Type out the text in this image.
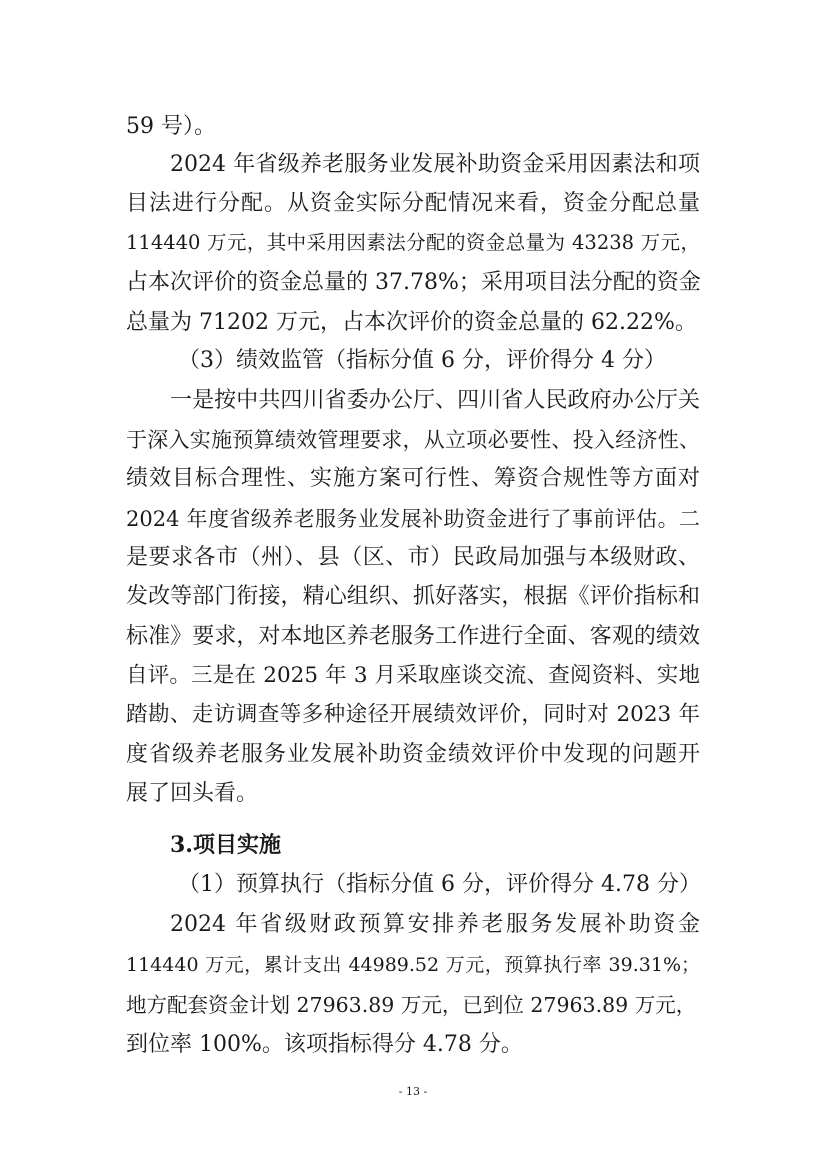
59 号）。
2024 年省级养老服务业发展补助资金采用因素法和项
目法进行分配。从资金实际分配情况来看，资金分配总量
114440 万元，其中采用因素法分配的资金总量为 43238 万元，
占本次评价的资金总量的 37.78%；采用项目法分配的资金
总量为 71202 万元，占本次评价的资金总量的 62.22%。
（3）绩效监管（指标分值 6 分，评价得分 4 分）
一是按中共四川省委办公厅、四川省人民政府办公厅关
于深入实施预算绩效管理要求，从立项必要性、投入经济性、
绩效目标合理性、实施方案可行性、筹资合规性等方面对
2024 年度省级养老服务业发展补助资金进行了事前评估。二
是要求各市（州）、县（区、市）民政局加强与本级财政、
发改等部门衔接，精心组织、抓好落实，根据《评价指标和
标准》要求，对本地区养老服务工作进行全面、客观的绩效
自评。三是在 2025 年 3 月采取座谈交流、查阅资料、实地
踏勘、走访调查等多种途径开展绩效评价，同时对 2023 年
度省级养老服务业发展补助资金绩效评价中发现的问题开
展了回头看。
3.项目实施
（1）预算执行（指标分值 6 分，评价得分 4.78 分）
2024 年省级财政预算安排养老服务发展补助资金
114440 万元，累计支出 44989.52 万元，预算执行率 39.31%；
地方配套资金计划 27963.89 万元，已到位 27963.89 万元，
到位率 100%。该项指标得分 4.78 分。
- 13 -
